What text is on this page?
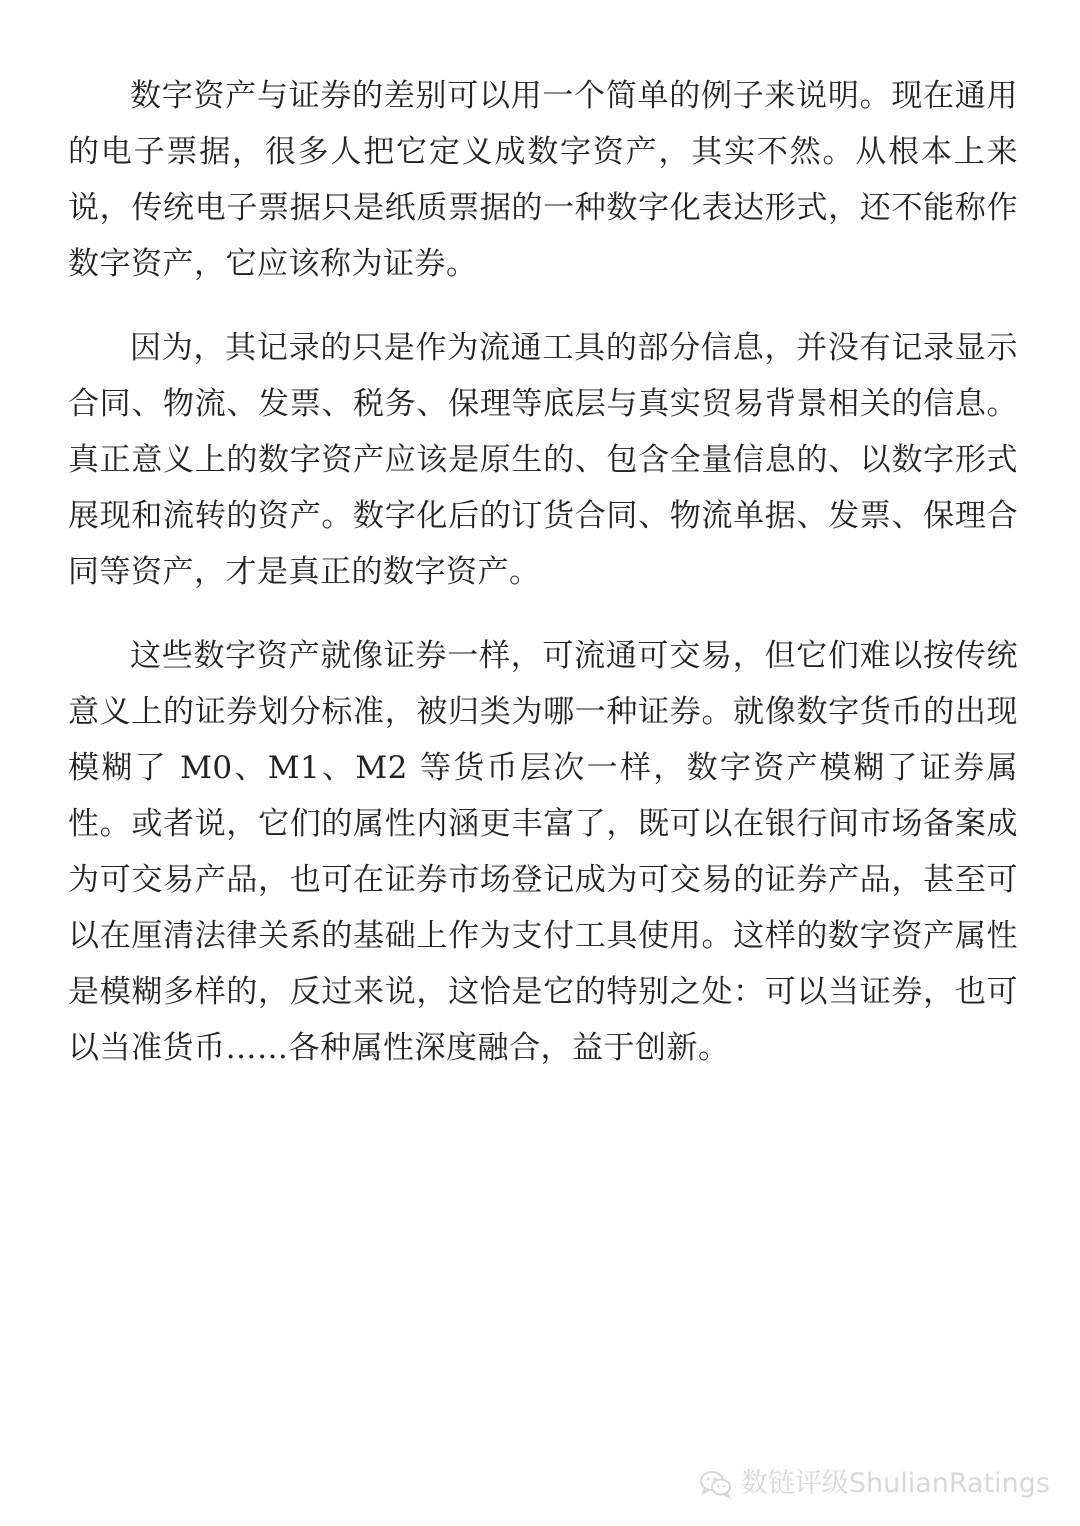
数字资产与证券的差别可以用一个简单的例子来说明。现在通用的电子票据，很多人把它定义成数字资产，其实不然。从根本上来说，传统电子票据只是纸质票据的一种数字化表达形式，还不能称作数字资产，它应该称为证券。

因为，其记录的只是作为流通工具的部分信息，并没有记录显示合同、物流、发票、税务、保理等底层与真实贸易背景相关的信息。真正意义上的数字资产应该是原生的、包含全量信息的、以数字形式展现和流转的资产。数字化后的订货合同、物流单据、发票、保理合同等资产，才是真正的数字资产。

这些数字资产就像证券一样，可流通可交易，但它们难以按传统意义上的证券划分标准，被归类为哪一种证券。就像数字货币的出现模糊了 M0、M1、M2 等货币层次一样，数字资产模糊了证券属性。或者说，它们的属性内涵更丰富了，既可以在银行间市场备案成为可交易产品，也可在证券市场登记成为可交易的证券产品，甚至可以在厘清法律关系的基础上作为支付工具使用。这样的数字资产属性是模糊多样的，反过来说，这恰是它的特别之处：可以当证券，也可以当准货币……各种属性深度融合，益于创新。

数链评级ShulianRatings
